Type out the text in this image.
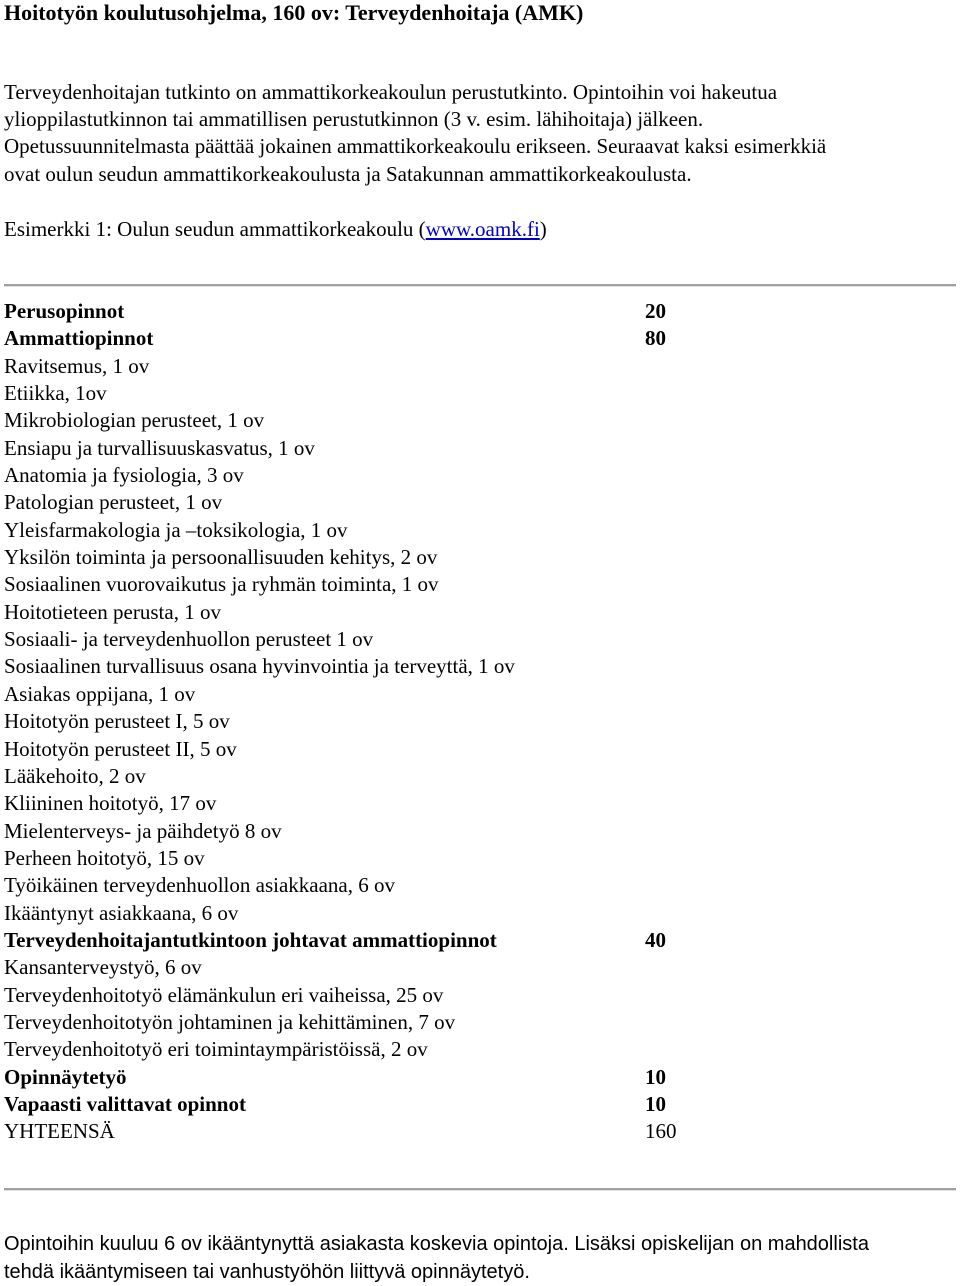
Hoitotyön koulutusohjelma, 160 ov: Terveydenhoitaja (AMK)
Terveydenhoitajan tutkinto on ammattikorkeakoulun perustutkinto. Opintoihin voi hakeutua
ylioppilastutkinnon tai ammatillisen perustutkinnon (3 v. esim. lähihoitaja) jälkeen.
Opetussuunnitelmasta päättää jokainen ammattikorkeakoulu erikseen. Seuraavat kaksi esimerkkiä
ovat oulun seudun ammattikorkeakoulusta ja Satakunnan ammattikorkeakoulusta.
Esimerkki 1: Oulun seudun ammattikorkeakoulu (www.oamk.fi)
Perusopinnot	20
Ammattiopinnot	80
Ravitsemus, 1 ov
Etiikka, 1ov
Mikrobiologian perusteet, 1 ov
Ensiapu ja turvallisuuskasvatus, 1 ov
Anatomia ja fysiologia, 3 ov
Patologian perusteet, 1 ov
Yleisfarmakologia ja –toksikologia, 1 ov
Yksilön toiminta ja persoonallisuuden kehitys, 2 ov
Sosiaalinen vuorovaikutus ja ryhmän toiminta, 1 ov
Hoitotieteen perusta, 1 ov
Sosiaali- ja terveydenhuollon perusteet 1 ov
Sosiaalinen turvallisuus osana hyvinvointia ja terveyttä, 1 ov
Asiakas oppijana, 1 ov
Hoitotyön perusteet I, 5 ov
Hoitotyön perusteet II, 5 ov
Lääkehoito, 2 ov
Kliininen hoitotyö, 17 ov
Mielenterveys- ja päihdetyö 8 ov
Perheen hoitotyö, 15 ov
Työikäinen terveydenhuollon asiakkaana, 6 ov
Ikääntynyt asiakkaana, 6 ov
Terveydenhoitajantutkintoon johtavat ammattiopinnot	40
Kansanterveystyö, 6 ov
Terveydenhoitotyö elämänkulun eri vaiheissa, 25 ov
Terveydenhoitotyön johtaminen ja kehittäminen, 7 ov
Terveydenhoitotyö eri toimintaympäristöissä, 2 ov
Opinnäytetyö	10
Vapaasti valittavat opinnot	10
YHTEENSÄ	160
Opintoihin kuuluu 6 ov ikääntynyttä asiakasta koskevia opintoja. Lisäksi opiskelijan on mahdollista
tehdä ikääntymiseen tai vanhustyöhön liittyvä opinnäytetyö.
